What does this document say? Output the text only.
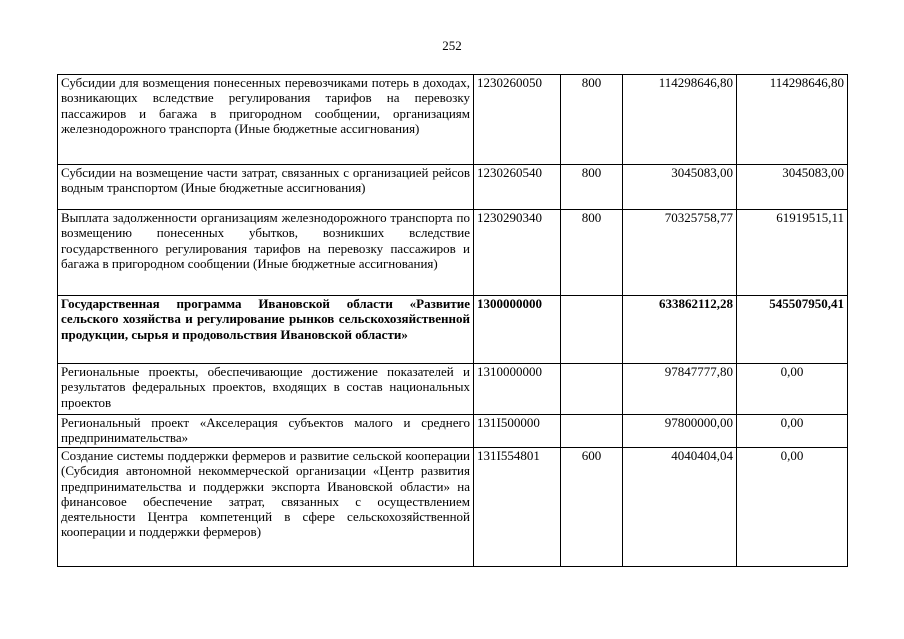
252
Субсидии для возмещения понесенных перевозчиками потерь в доходах, возникающих вследствие регулирования тарифов на перевозку пассажиров и багажа в пригородном сообщении, организациям железнодорожного транспорта (Иные бюджетные ассигнования)	1230260050	800	114298646,80	114298646,80
Субсидии на возмещение части затрат, связанных с организацией рейсов водным транспортом (Иные бюджетные ассигнования)	1230260540	800	3045083,00	3045083,00
Выплата задолженности организациям железнодорожного транспорта по возмещению понесенных убытков, возникших вследствие государственного регулирования тарифов на перевозку пассажиров и багажа в пригородном сообщении (Иные бюджетные ассигнования)	1230290340	800	70325758,77	61919515,11
Государственная программа Ивановской области «Развитие сельского хозяйства и регулирование рынков сельскохозяйственной продукции, сырья и продовольствия Ивановской области»	1300000000		633862112,28	545507950,41
Региональные проекты, обеспечивающие достижение показателей и результатов федеральных проектов, входящих в состав национальных проектов	1310000000		97847777,80	0,00
Региональный проект «Акселерация субъектов малого и среднего предпринимательства»	131I500000		97800000,00	0,00
Создание системы поддержки фермеров и развитие сельской кооперации (Субсидия автономной некоммерческой организации «Центр развития предпринимательства и поддержки экспорта Ивановской области» на финансовое обеспечение затрат, связанных с осуществлением деятельности Центра компетенций в сфере сельскохозяйственной кооперации и поддержки фермеров)	131I554801	600	4040404,04	0,00
